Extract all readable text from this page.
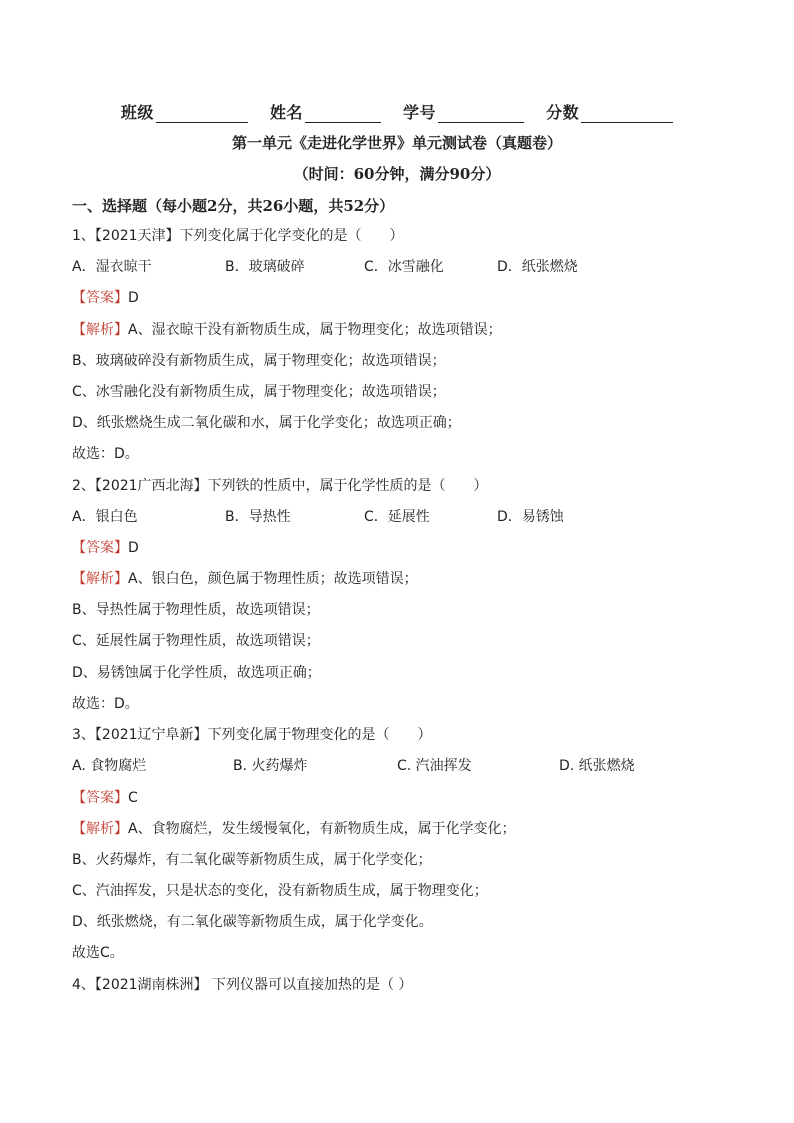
班级	姓名	学号	分数
第一单元《走进化学世界》单元测试卷（真题卷）
（时间：60分钟，满分90分）
一、选择题（每小题2分，共26小题，共52分）
1、【2021天津】下列变化属于化学变化的是（　　）
A．湿衣晾干	B．玻璃破碎	C．冰雪融化	D．纸张燃烧
【答案】D
【解析】A、湿衣晾干没有新物质生成，属于物理变化；故选项错误；
B、玻璃破碎没有新物质生成，属于物理变化；故选项错误；
C、冰雪融化没有新物质生成，属于物理变化；故选项错误；
D、纸张燃烧生成二氧化碳和水，属于化学变化；故选项正确；
故选：D。
2、【2021广西北海】下列铁的性质中，属于化学性质的是（　　）
A．银白色	B．导热性	C．延展性	D．易锈蚀
【答案】D
【解析】A、银白色，颜色属于物理性质；故选项错误；
B、导热性属于物理性质，故选项错误；
C、延展性属于物理性质，故选项错误；
D、易锈蚀属于化学性质，故选项正确；
故选：D。
3、【2021辽宁阜新】下列变化属于物理变化的是（　　）
A. 食物腐烂	B. 火药爆炸	C. 汽油挥发	D. 纸张燃烧
【答案】C
【解析】A、食物腐烂，发生缓慢氧化，有新物质生成，属于化学变化；
B、火药爆炸，有二氧化碳等新物质生成，属于化学变化；
C、汽油挥发，只是状态的变化，没有新物质生成，属于物理变化；
D、纸张燃烧，有二氧化碳等新物质生成，属于化学变化。
故选C。
4、【2021湖南株洲】 下列仪器可以直接加热的是（ ）
